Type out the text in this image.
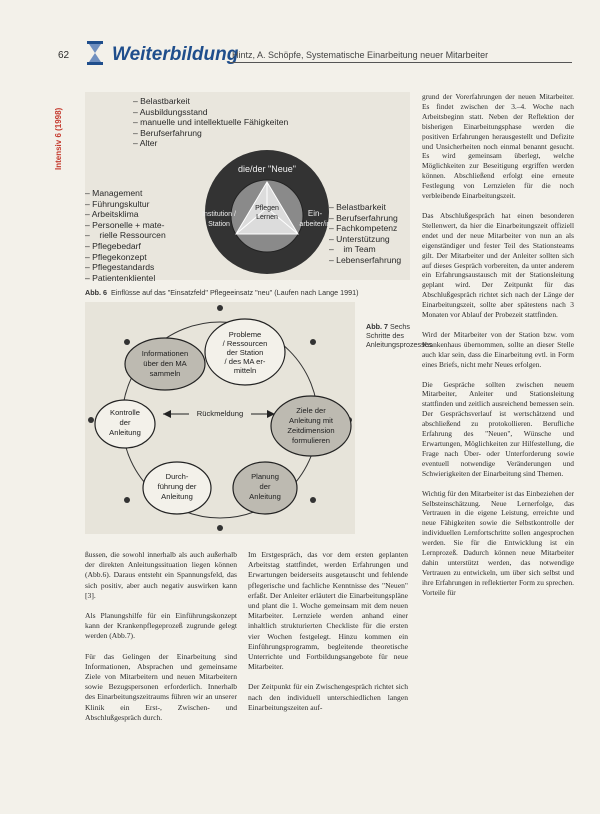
62 Weiterbildung
Hintz, A. Schöpfe, Systematische Einarbeitung neuer Mitarbeiter
Intensiv 6 (1998)
– Belastbarkeit
– Ausbildungsstand
– manuelle und intellektuelle Fähigkeiten
– Berufserfahrung
– Alter
– Management
– Führungskultur
– Arbeitsklima
– Personelle + mate-
– rielle Ressourcen
– Pflegebedarf
– Pflegekonzept
– Pflegestandards
– Patientenklientel
– Belastbarkeit
– Berufserfahrung
– Fachkompetenz
– Unterstützung
– im Team
– Lebenserfahrung
die/der "Neue"
Pflegen
Lernen
Institution /
Station
Ein-
arbeiter/in
Abb. 6 Einflüsse auf das "Einsatzfeld" Pflegeeinsatz "neu" (Laufen nach Lange 1991)
Probleme
/ Ressourcen
der Station
/ des MA er-
mitteln
Informationen
über den MA
sammeln
Kontrolle
der
Anleitung
Rückmeldung	Ziele der
Anleitung mit
Zeitdimension
formulieren
Durch-
führung der
Anleitung
Planung
der
Anleitung
Abb. 7 Sechs Schritte des Anleitungsprozesses

ßussen, die sowohl innerhalb als auch außerhalb der direkten Anleitungssituation liegen können (Abb.6). Daraus entsteht ein Spannungsfeld, das sich positiv, aber auch negativ auswirken kann [3].

Als Planungshilfe für ein Einführungskonzept kann der Krankenpflegeprozeß zugrunde gelegt werden (Abb.7).

Für das Gelingen der Einarbeitung sind Informationen, Absprachen und gemeinsame Ziele von Mitarbeitern und neuen Mitarbeitern sowie Bezugspersonen erforderlich. Innerhalb des Einarbeitungszeitraums führen wir an unserer Klinik ein Erst-, Zwischen- und Abschlußgespräch durch.

Im Erstgespräch, das vor dem ersten geplanten Arbeitstag stattfindet, werden Erfahrungen und Erwartungen beiderseits ausgetauscht und fehlende pflegerische und fachliche Kenntnisse des "Neuen" erfaßt. Der Anleiter erläutert die Einarbeitungspläne und plant die 1. Woche gemeinsam mit dem neuen Mitarbeiter. Lernziele werden anhand einer inhaltlich strukturierten Checkliste für die ersten vier Wochen festgelegt. Hinzu kommen ein Einführungsprogramm, begleitende theoretische Unterrichte und Fortbildungsangebote für neue Mitarbeiter.

Der Zeitpunkt für ein Zwischengespräch richtet sich nach den individuell unterschiedlichen langen Einarbeitungszeiten auf-

grund der Vorerfahrungen der neuen Mitarbeiter. Es findet zwischen der 3.–4. Woche nach Arbeitsbeginn statt. Neben der Reflektion der bisherigen Einarbeitungsphase werden die positiven Erfahrungen herausgestellt und Defizite und Unsicherheiten noch einmal benannt gesucht. Es wird gemeinsam überlegt, welche Möglichkeiten zur Beseitigung ergriffen werden können. Abschließend erfolgt eine erneute Festlegung von Lernzielen für die noch verbleibende Einarbeitungszeit.

Das Abschlußgespräch hat einen besonderen Stellenwert, da hier die Einarbeitungszeit offiziell endet und der neue Mitarbeiter von nun an als eigenständiger und fester Teil des Stationsteams gilt. Der Mitarbeiter und der Anleiter sollten sich auf dieses Gespräch vorbereiten, da unter anderem ein Erfahrungsaustausch mit der Stationsleitung geplant wird. Der Zeitpunkt für das Abschlußgespräch richtet sich nach der Länge der Einarbeitungszeit, sollte aber spätestens nach 3 Monaten vor Ablauf der Probezeit stattfinden.

Wird der Mitarbeiter von der Station bzw. vom Krankenhaus übernommen, sollte an dieser Stelle auch klar sein, dass die Einarbeitung evtl. in Form eines Briefs, nicht mehr Neues erfolgen.

Die Gespräche sollten zwischen neuem Mitarbeiter, Anleiter und Stationsleitung stattfinden und zeitlich ausreichend bemessen sein. Der Gesprächsverlauf ist wertschätzend und abschließend zu protokollieren. Berufliche Erfahrung des "Neuen", Wünsche und Erwartungen, Möglichkeiten zur Hilfestellung, die Frage nach Über- oder Unterforderung sowie eventuell notwendige Veränderungen und Schwierigkeiten der Einarbeitung sind Themen.

Wichtig für den Mitarbeiter ist das Einbeziehen der Selbsteinschätzung. Neue Lernerfolge, das Vertrauen in die eigene Leistung, erreichte und neue Fähigkeiten sowie die Selbstkontrolle der individuellen Lernfortschritte sollen angesprochen werden. Sie für die Entwicklung ist ein Lernprozeß. Dadurch können neue Mitarbeiter dahin unterstützt werden, das notwendige Vertrauen zu entwickeln, um über sich selbst und ihre Erfahrungen in reflektierter Form zu sprechen. Vorteile für
